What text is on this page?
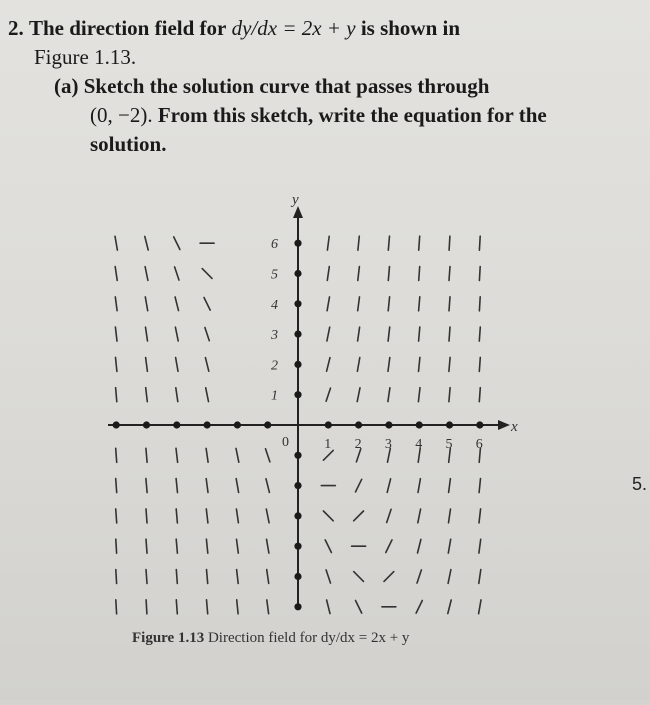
2. The direction field for dy/dx = 2x + y is shown in
Figure 1.13.
(a) Sketch the solution curve that passes through
(0, −2). From this sketch, write the equation for the
solution.
5.
x
y
0	1 2 3 4 5 6
6
5
4
3
2
1
Figure 1.13 Direction field for dy/dx = 2x + y
